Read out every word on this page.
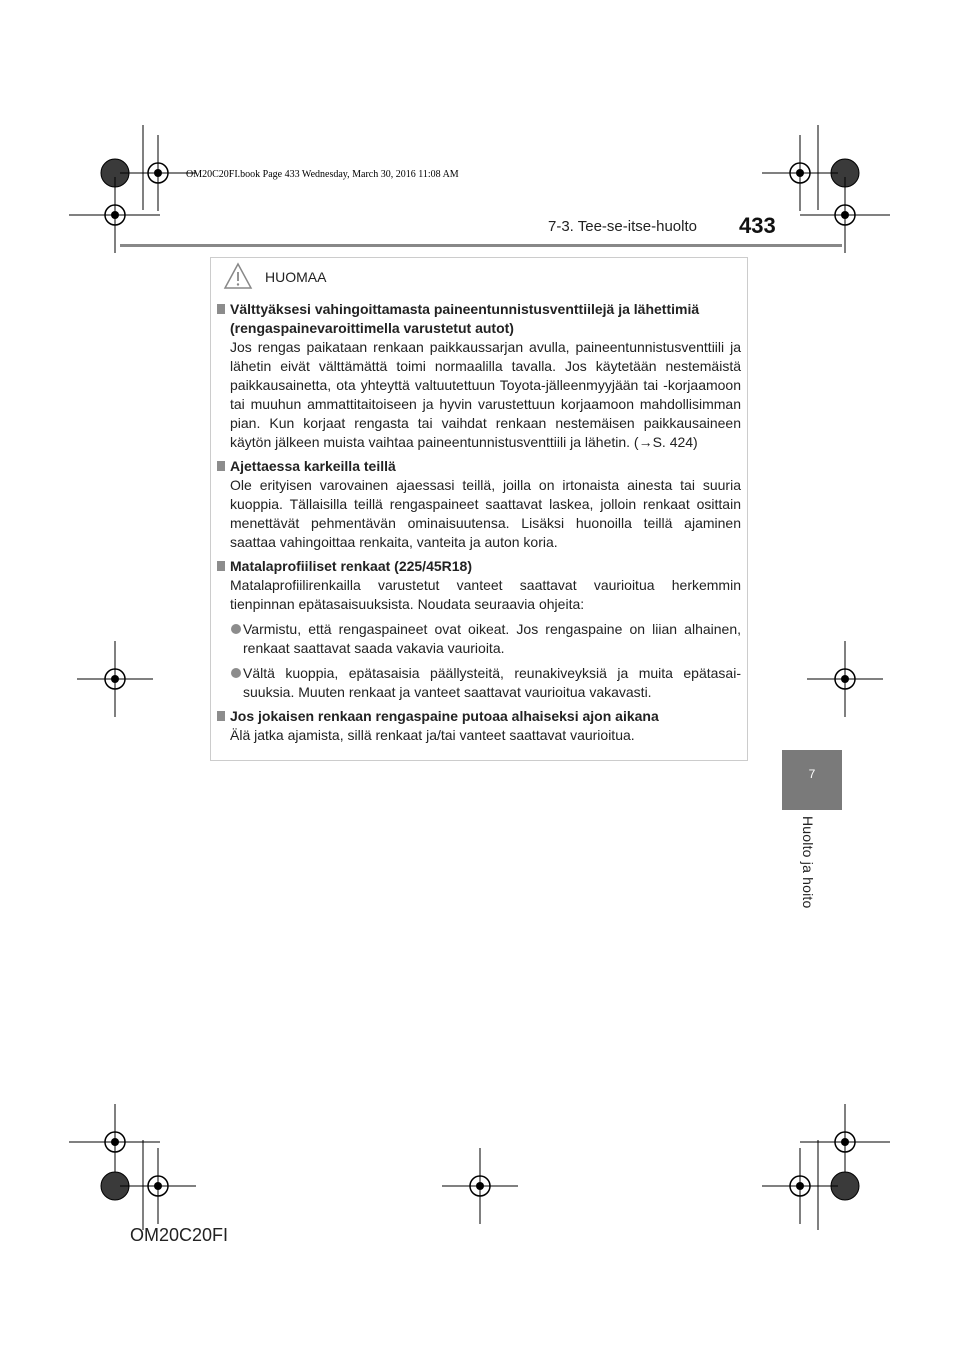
OM20C20FI.book Page 433 Wednesday, March 30, 2016 11:08 AM
7-3. Tee-se-itse-huolto 433
7
Huolto ja hoito
HUOMAA
Välttyäksesi vahingoittamasta paineentunnistusventtiilejä ja lähettimiä (rengaspainevaroittimella varustetut autot)
Jos rengas paikataan renkaan paikkaussarjan avulla, paineentunnistusventtiili ja lähetin eivät välttämättä toimi normaalilla tavalla. Jos käytetään nestemäistä paikkausainetta, ota yhteyttä valtuutettuun Toyota-jälleenmyyjään tai -korjaamoon tai muuhun ammattitaitoiseen ja hyvin varustettuun korjaamoon mahdollisimman pian. Kun korjaat rengasta tai vaihdat renkaan nestemäisen paikkausaineen käytön jälkeen muista vaihtaa paineentunnistusventtiili ja lähetin. (→S. 424)
Ajettaessa karkeilla teillä
Ole erityisen varovainen ajaessasi teillä, joilla on irtonaista ainesta tai suuria kuoppia. Tällaisilla teillä rengaspaineet saattavat laskea, jolloin renkaat osittain menettävät pehmentävän ominaisuutensa. Lisäksi huonoilla teillä ajaminen saattaa vahingoittaa renkaita, vanteita ja auton koria.
Matalaprofiiliset renkaat (225/45R18)
Matalaprofiilirenkailla varustetut vanteet saattavat vaurioitua herkemmin tienpinnan epätasaisuuksista. Noudata seuraavia ohjeita:
Varmistu, että rengaspaineet ovat oikeat. Jos rengaspaine on liian alhainen, renkaat saattavat saada vakavia vaurioita.
Vältä kuoppia, epätasaisia päällysteitä, reunakiveyksiä ja muita epätasaisuuksia. Muuten renkaat ja vanteet saattavat vaurioitua vakavasti.
Jos jokaisen renkaan rengaspaine putoaa alhaiseksi ajon aikana
Älä jatka ajamista, sillä renkaat ja/tai vanteet saattavat vaurioitua.
OM20C20FI
